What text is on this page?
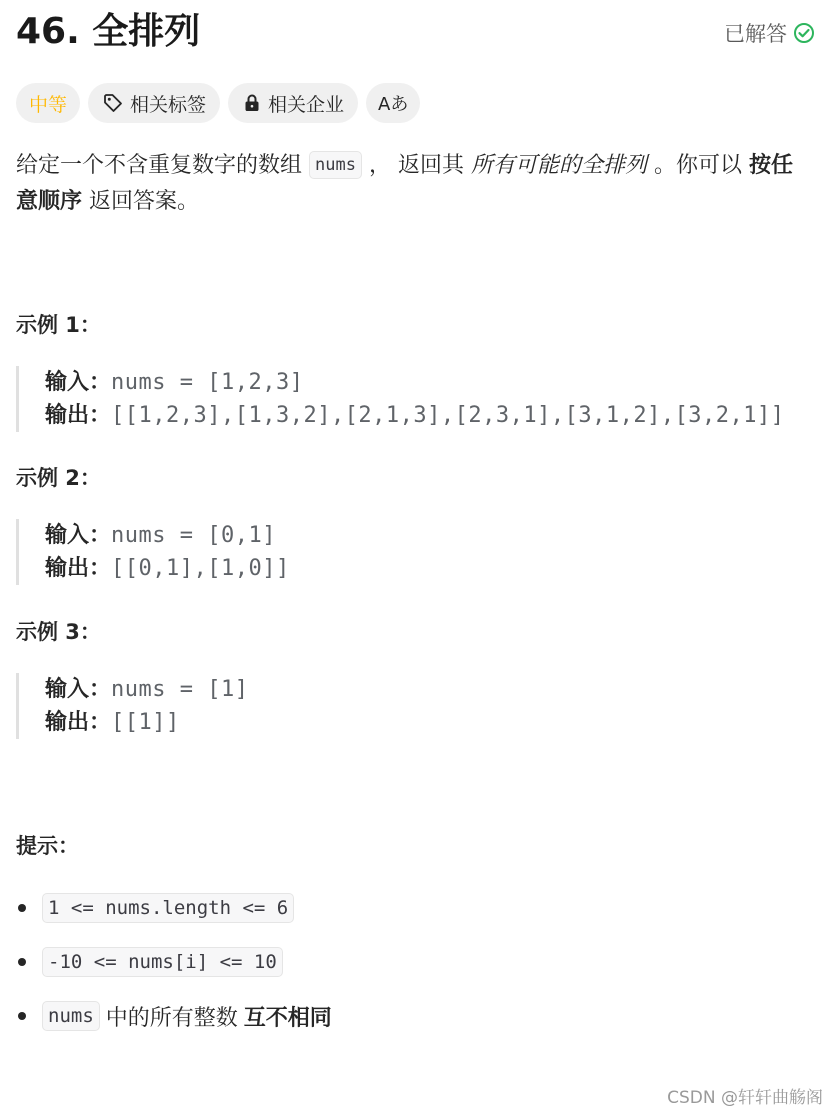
46. 全排列	已解答
中等	相关标签	相关企业 Aあ
给定一个不含重复数字的数组 nums ， 返回其 所有可能的全排列 。你可以 按任意顺序 返回答案。
示例 1：
输入：nums = [1,2,3]
输出：[[1,2,3],[1,3,2],[2,1,3],[2,3,1],[3,1,2],[3,2,1]]
示例 2：
输入：nums = [0,1]
输出：[[0,1],[1,0]]
示例 3：
输入：nums = [1]
输出：[[1]]
提示：
1 <= nums.length <= 6
-10 <= nums[i] <= 10
nums 中的所有整数 互不相同
CSDN @轩轩曲觞阁
